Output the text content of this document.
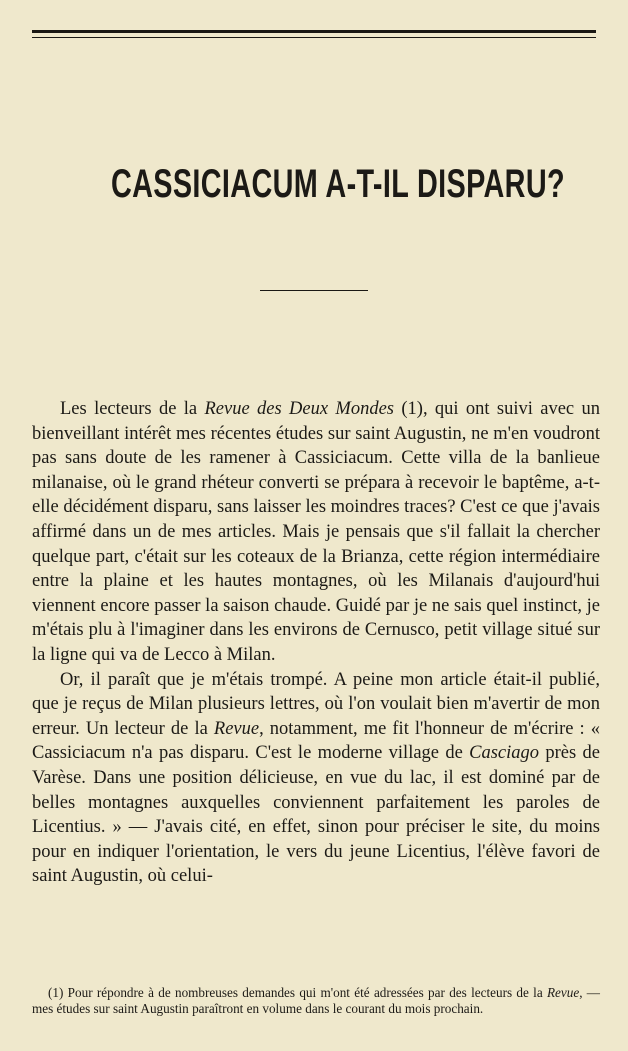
CASSICIACUM A-T-IL DISPARU?

Les lecteurs de la Revue des Deux Mondes (1), qui ont suivi avec un bienveillant intérêt mes récentes études sur saint Augustin, ne m'en voudront pas sans doute de les ramener à Cassiciacum. Cette villa de la banlieue milanaise, où le grand rhéteur converti se prépara à recevoir le baptême, a-t-elle décidément disparu, sans laisser les moindres traces? C'est ce que j'avais affirmé dans un de mes articles. Mais je pensais que s'il fallait la chercher quelque part, c'était sur les coteaux de la Brianza, cette région intermédiaire entre la plaine et les hautes montagnes, où les Milanais d'aujourd'hui viennent encore passer la saison chaude. Guidé par je ne sais quel instinct, je m'étais plu à l'imaginer dans les environs de Cernusco, petit village situé sur la ligne qui va de Lecco à Milan.

Or, il paraît que je m'étais trompé. A peine mon article était-il publié, que je reçus de Milan plusieurs lettres, où l'on voulait bien m'avertir de mon erreur. Un lecteur de la Revue, notamment, me fit l'honneur de m'écrire : « Cassiciacum n'a pas disparu. C'est le moderne village de Casciago près de Varèse. Dans une position délicieuse, en vue du lac, il est dominé par de belles montagnes auxquelles conviennent parfaitement les paroles de Licentius. » — J'avais cité, en effet, sinon pour préciser le site, du moins pour en indiquer l'orientation, le vers du jeune Licentius, l'élève favori de saint Augustin, où celui-

(1) Pour répondre à de nombreuses demandes qui m'ont été adressées par des lecteurs de la Revue, — mes études sur saint Augustin paraîtront en volume dans le courant du mois prochain.
